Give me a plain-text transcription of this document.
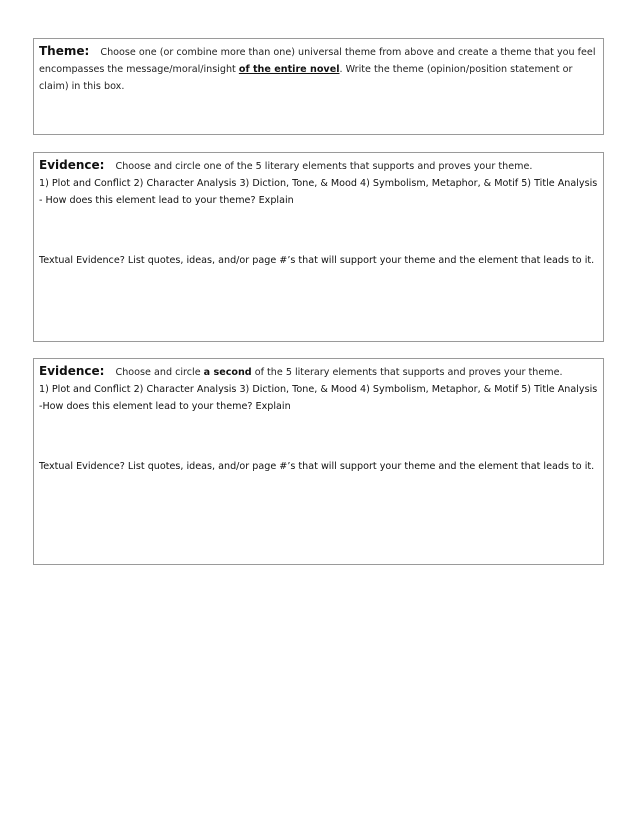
Theme: Choose one (or combine more than one) universal theme from above and create a theme that you feel encompasses the message/moral/insight of the entire novel. Write the theme (opinion/position statement or claim) in this box.

Evidence: Choose and circle one of the 5 literary elements that supports and proves your theme.

1) Plot and Conflict 2) Character Analysis 3) Diction, Tone, & Mood 4) Symbolism, Metaphor, & Motif 5) Title Analysis

- How does this element lead to your theme? Explain

Textual Evidence? List quotes, ideas, and/or page #’s that will support your theme and the element that leads to it.

Evidence: Choose and circle a second of the 5 literary elements that supports and proves your theme.

1) Plot and Conflict 2) Character Analysis 3) Diction, Tone, & Mood 4) Symbolism, Metaphor, & Motif 5) Title Analysis

-How does this element lead to your theme? Explain

Textual Evidence? List quotes, ideas, and/or page #’s that will support your theme and the element that leads to it.
